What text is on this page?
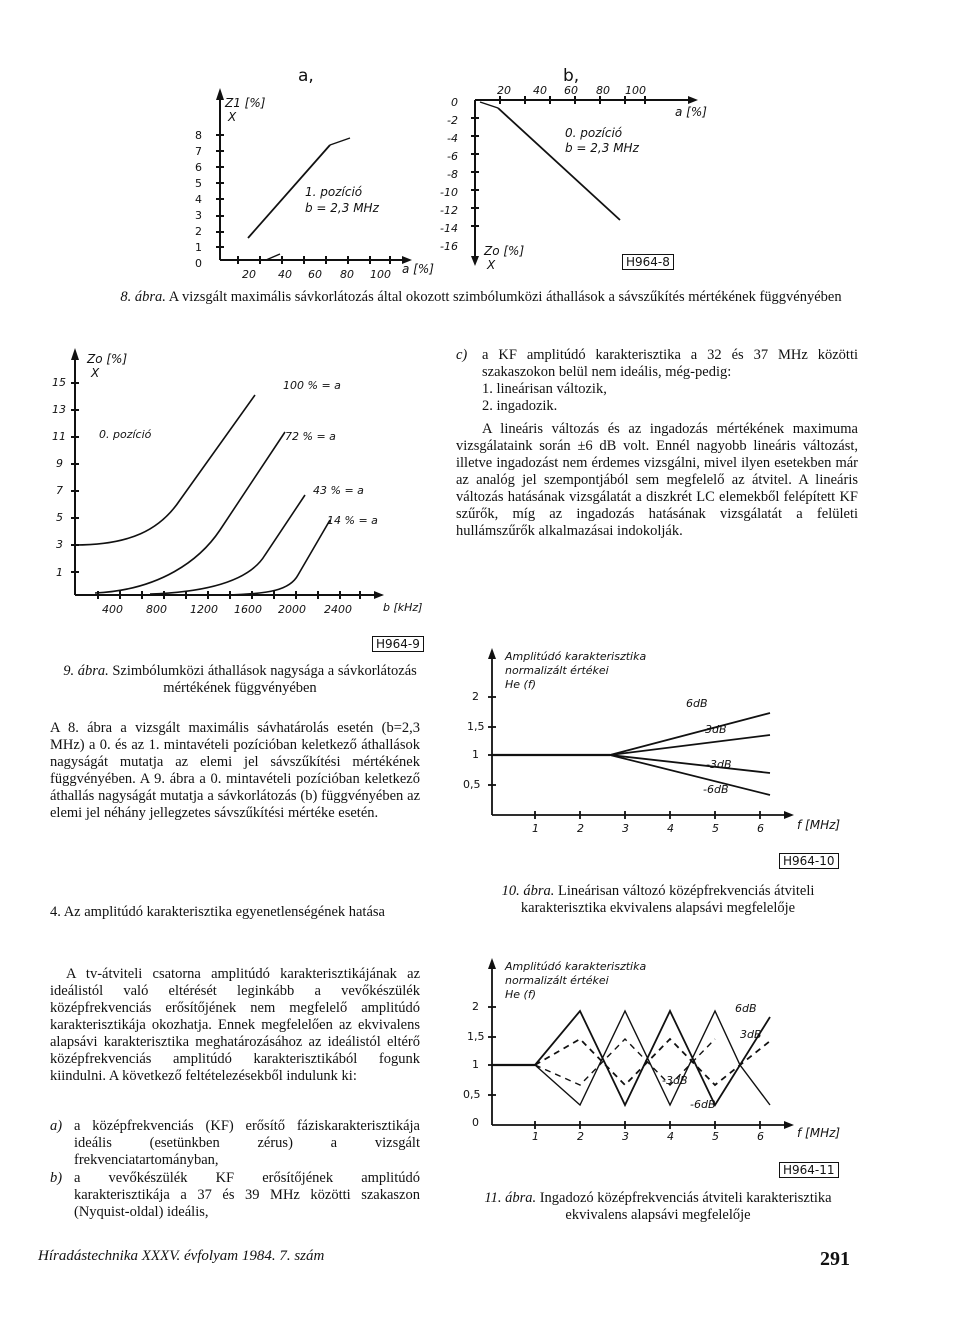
a,	b,
Z1 [%]
X
8
7
6
5
4
3
2
1
0
20 40 60 80 100 a [%]
1. pozíció
b = 2,3 MHz
0
-2
-4
-6
-8
-10
-12
-14
-16
20 40 60 80 100
a [%]
0. pozíció
b = 2,3 MHz
Zo [%]
X	H964-8
8. ábra. A vizsgált maximális sávkorlátozás által okozott szimbólumközi áthallások a sávszűkítés mértékének függvényében
Zo [%]
X
15
13
11
9
7
5
3
1
0. pozíció
100 % = a
72 % = a
43 % = a
14 % = a
400 800 1200 1600 2000 2400	b [kHz]
H964-9
9. ábra. Szimbólumközi áthallások nagysága a sávkorlátozás mértékének függvényében
c)	a KF amplitúdó karakterisztika a 32 és 37 MHz közötti szakaszokon belül nem ideális, még-pedig:
1. lineárisan változik,
2. ingadozik.

A lineáris változás és az ingadozás mértékének maximuma vizsgálataink során ±6 dB volt. Ennél nagyobb lineáris változást, illetve ingadozást nem érdemes vizsgálni, mivel ilyen esetekben már az analóg jel szempontjából sem megfelelő az átvitel. A lineáris változás hatásának vizsgálatát a diszkrét LC elemekből felépített KF szűrők, míg az ingadozás hatásának vizsgálatát a felületi hullámszűrők alkalmazásai indokolják.

A 8. ábra a vizsgált maximális sávhatárolás esetén (b=2,3 MHz) a 0. és az 1. mintavételi pozícióban keletkező áthallások nagyságát mutatja az elemi jel sávszűkítési mértékének függvényében. A 9. ábra a 0. mintavételi pozícióban keletkező áthallás nagyságát mutatja a sávkorlátozás (b) függvényében az elemi jel néhány jellegzetes sávszűkítési mértéke esetén.
4. Az amplitúdó karakterisztika egyenetlenségének hatása
A tv-átviteli csatorna amplitúdó karakterisztikájának az ideálistól való eltérését leginkább a vevőkészülék középfrekvenciás erősítőjének nem megfelelő amplitúdó karakterisztikája okozhatja. Ennek megfelelően az ekvivalens alapsávi karakterisztika meghatározásához az ideálistól eltérő középfrekvenciás amplitúdó karakterisztikából fogunk kiindulni. A következő feltételezésekből indulunk ki:
a) a középfrekvenciás (KF) erősítő fáziskarakterisztikája ideális (esetünkben zérus) a vizsgált frekvenciatartományban,
b) a vevőkészülék KF erősítőjének amplitúdó karakterisztikája a 37 és 39 MHz közötti szakaszon (Nyquist-oldal) ideális,
Amplitúdó karakterisztika
normalizált értékei
He (f)
2
1,5
1
0,5
6dB
3dB
-3dB
-6dB
1	2	3	4	5	6	f [MHz]
H964-10
10. ábra. Lineárisan változó középfrekvenciás átviteli karakterisztika ekvivalens alapsávi megfelelője
Amplitúdó karakterisztika
normalizált értékei
He (f)
2
1,5
1
0,5
0
6dB
3dB
-3dB
-6dB
1	2	3	4	5	6	f [MHz]
H964-11
11. ábra. Ingadozó középfrekvenciás átviteli karakterisztika ekvivalens alapsávi megfelelője
Híradástechnika XXXV. évfolyam 1984. 7. szám	291
